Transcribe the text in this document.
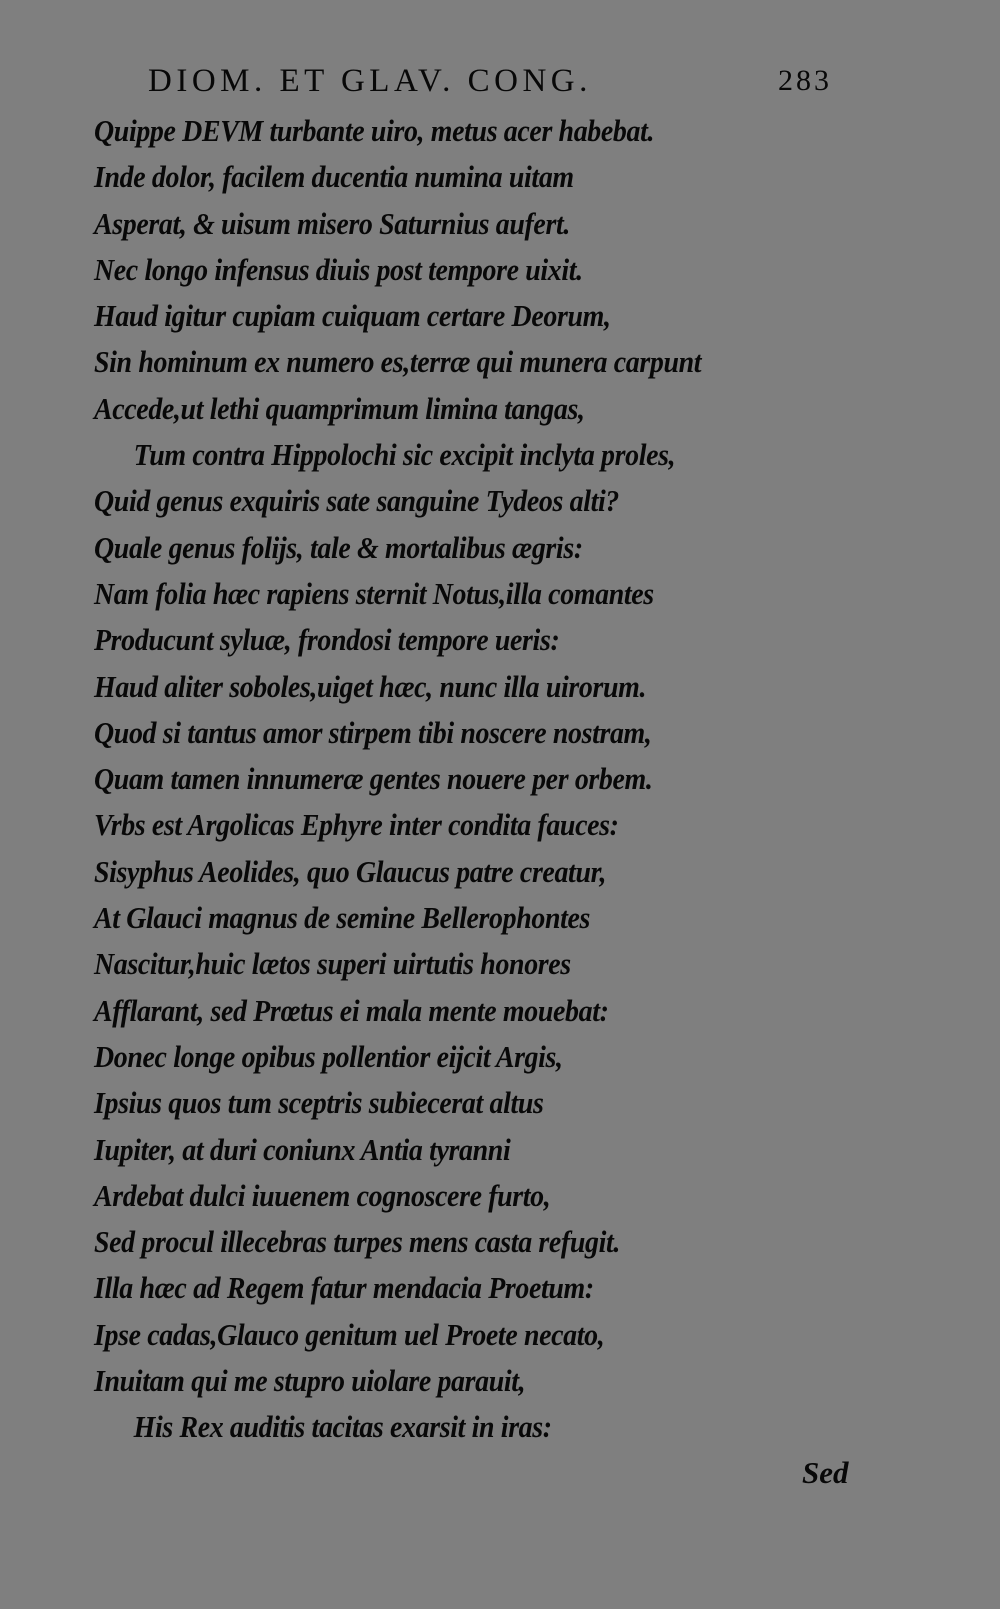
DIOM. ET GLAV. CONG.	283
Quippe DEVM turbante uiro, metus acer habebat.
Inde dolor, facilem ducentia numina uitam
Asperat, & uisum misero Saturnius aufert.
Nec longo infensus diuis post tempore uixit.
Haud igitur cupiam cuiquam certare Deorum,
Sin hominum ex numero es,terræ qui munera carpunt
Accede,ut lethi quamprimum limina tangas,
Tum contra Hippolochi sic excipit inclyta proles,
Quid genus exquiris sate sanguine Tydeos alti?
Quale genus folijs, tale & mortalibus ægris:
Nam folia hæc rapiens sternit Notus,illa comantes
Producunt syluæ, frondosi tempore ueris:
Haud aliter soboles,uiget hæc, nunc illa uirorum.
Quod si tantus amor stirpem tibi noscere nostram,
Quam tamen innumeræ gentes nouere per orbem.
Vrbs est Argolicas Ephyre inter condita fauces:
Sisyphus Aeolides, quo Glaucus patre creatur,
At Glauci magnus de semine Bellerophontes
Nascitur,huic lætos superi uirtutis honores
Afflarant, sed Prœtus ei mala mente mouebat:
Donec longe opibus pollentior eijcit Argis,
Ipsius quos tum sceptris subiecerat altus
Iupiter, at duri coniunx Antia tyranni
Ardebat dulci iuuenem cognoscere furto,
Sed procul illecebras turpes mens casta refugit.
Illa hæc ad Regem fatur mendacia Proetum:
Ipse cadas,Glauco genitum uel Proete necato,
Inuitam qui me stupro uiolare parauit,
His Rex auditis tacitas exarsit in iras:
Sed
